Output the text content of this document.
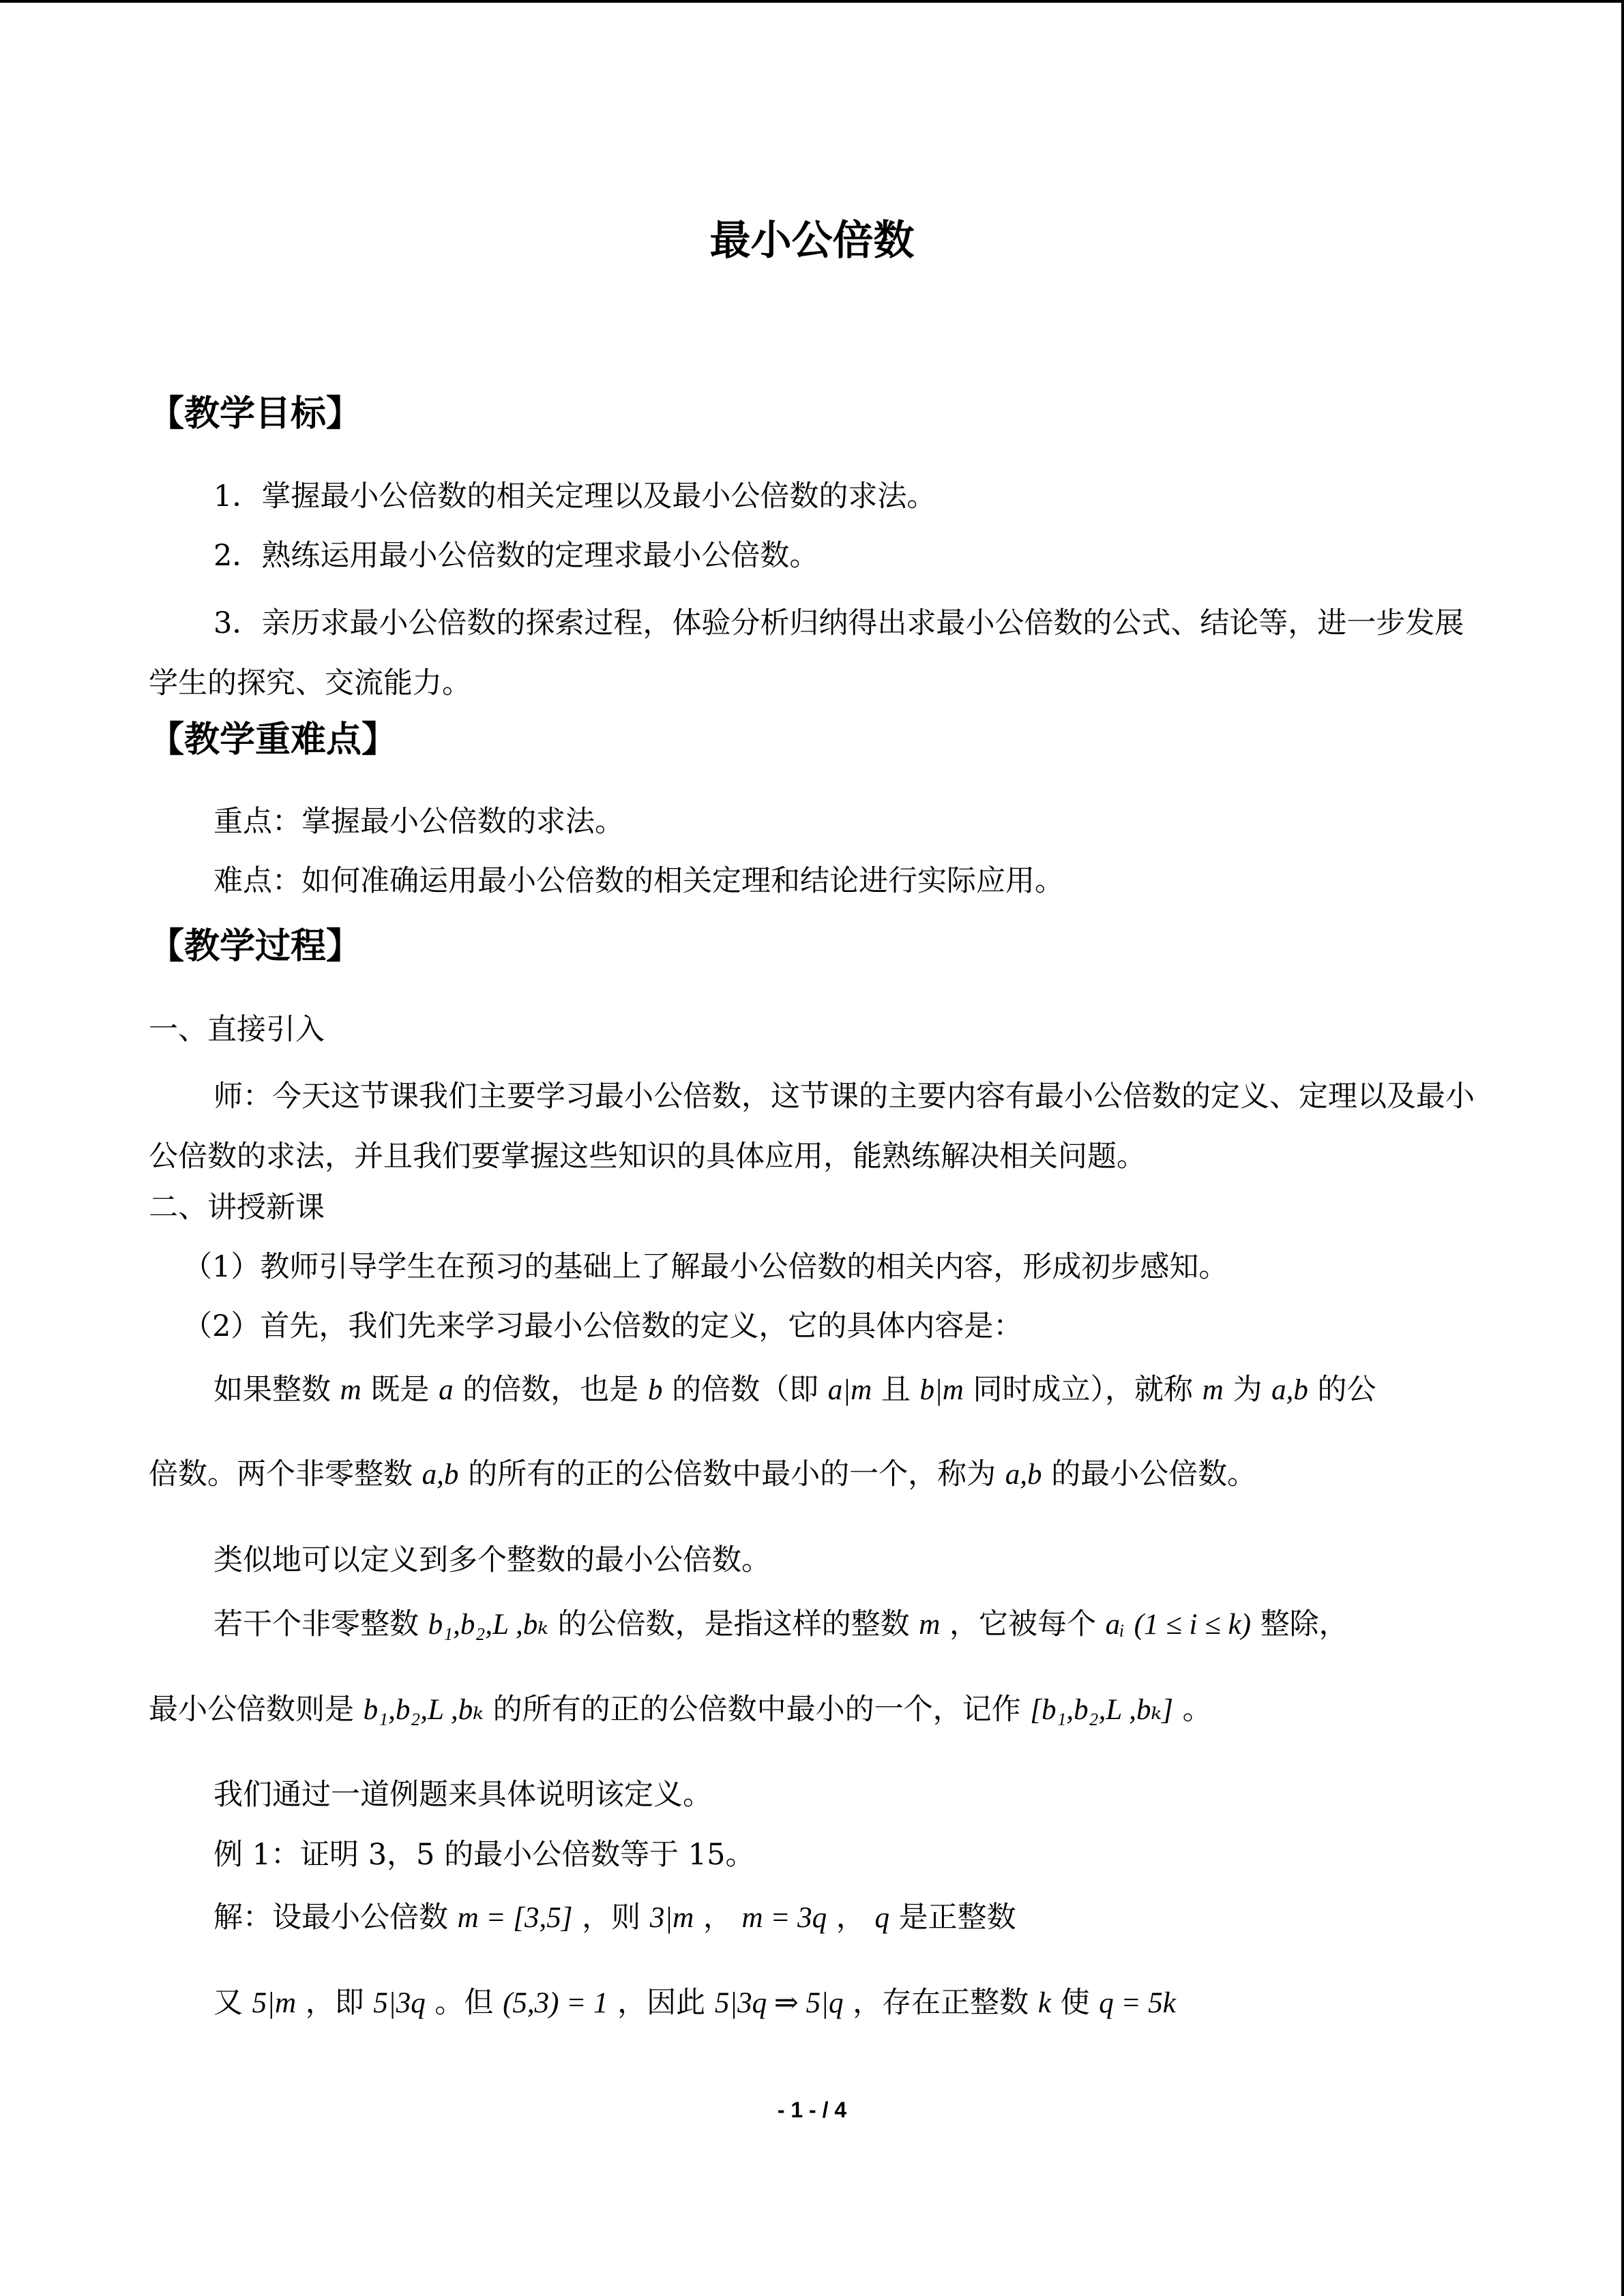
最小公倍数
【教学目标】
1．掌握最小公倍数的相关定理以及最小公倍数的求法。
2．熟练运用最小公倍数的定理求最小公倍数。
3．亲历求最小公倍数的探索过程，体验分析归纳得出求最小公倍数的公式、结论等，进一步发展学生的探究、交流能力。
【教学重难点】
重点：掌握最小公倍数的求法。
难点：如何准确运用最小公倍数的相关定理和结论进行实际应用。
【教学过程】
一、直接引入
师：今天这节课我们主要学习最小公倍数，这节课的主要内容有最小公倍数的定义、定理以及最小公倍数的求法，并且我们要掌握这些知识的具体应用，能熟练解决相关问题。
二、讲授新课
（1）教师引导学生在预习的基础上了解最小公倍数的相关内容，形成初步感知。
（2）首先，我们先来学习最小公倍数的定义，它的具体内容是：
如果整数 m 既是 a 的倍数，也是 b 的倍数（即 a|m 且 b|m 同时成立），就称 m 为 a,b 的公
倍数。两个非零整数 a,b 的所有的正的公倍数中最小的一个，称为 a,b 的最小公倍数。
类似地可以定义到多个整数的最小公倍数。
若干个非零整数 b₁,b₂,L ,bₖ 的公倍数，是指这样的整数 m ，它被每个 aᵢ (1 ≤ i ≤ k) 整除，
最小公倍数则是 b₁,b₂,L ,bₖ 的所有的正的公倍数中最小的一个，记作 [b₁,b₂,L ,bₖ] 。
我们通过一道例题来具体说明该定义。
例 1：证明 3，5 的最小公倍数等于 15。
解：设最小公倍数 m = [3,5] ，则 3|m ， m = 3q ， q 是正整数
又 5|m ，即 5|3q 。但 (5,3) = 1 ，因此 5|3q ⇒ 5|q ，存在正整数 k 使 q = 5k
- 1 - / 4
